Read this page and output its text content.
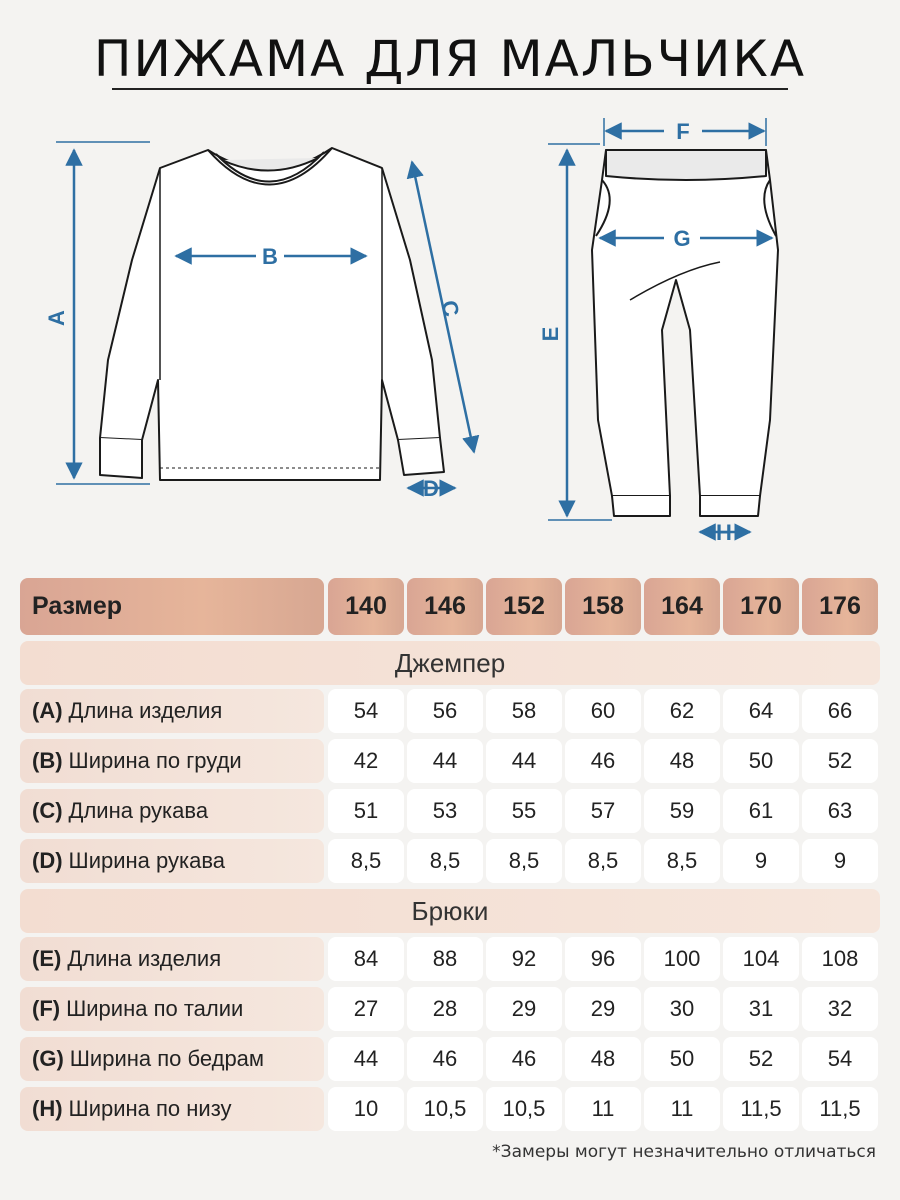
ПИЖАМА ДЛЯ МАЛЬЧИКА
A
B
C
D
F
G
E
H
Размер	140	146	152	158	164	170	176
Джемпер
(A) Длина изделия	54	56	58	60	62	64	66
(B) Ширина по груди	42	44	44	46	48	50	52
(C) Длина рукава	51	53	55	57	59	61	63
(D) Ширина рукава	8,5	8,5	8,5	8,5	8,5	9	9
Брюки
(E) Длина изделия	84	88	92	96	100	104	108
(F) Ширина по талии	27	28	29	29	30	31	32
(G) Ширина по бедрам	44	46	46	48	50	52	54
(H) Ширина по низу	10	10,5	10,5	11	11	11,5	11,5
*Замеры могут незначительно отличаться
